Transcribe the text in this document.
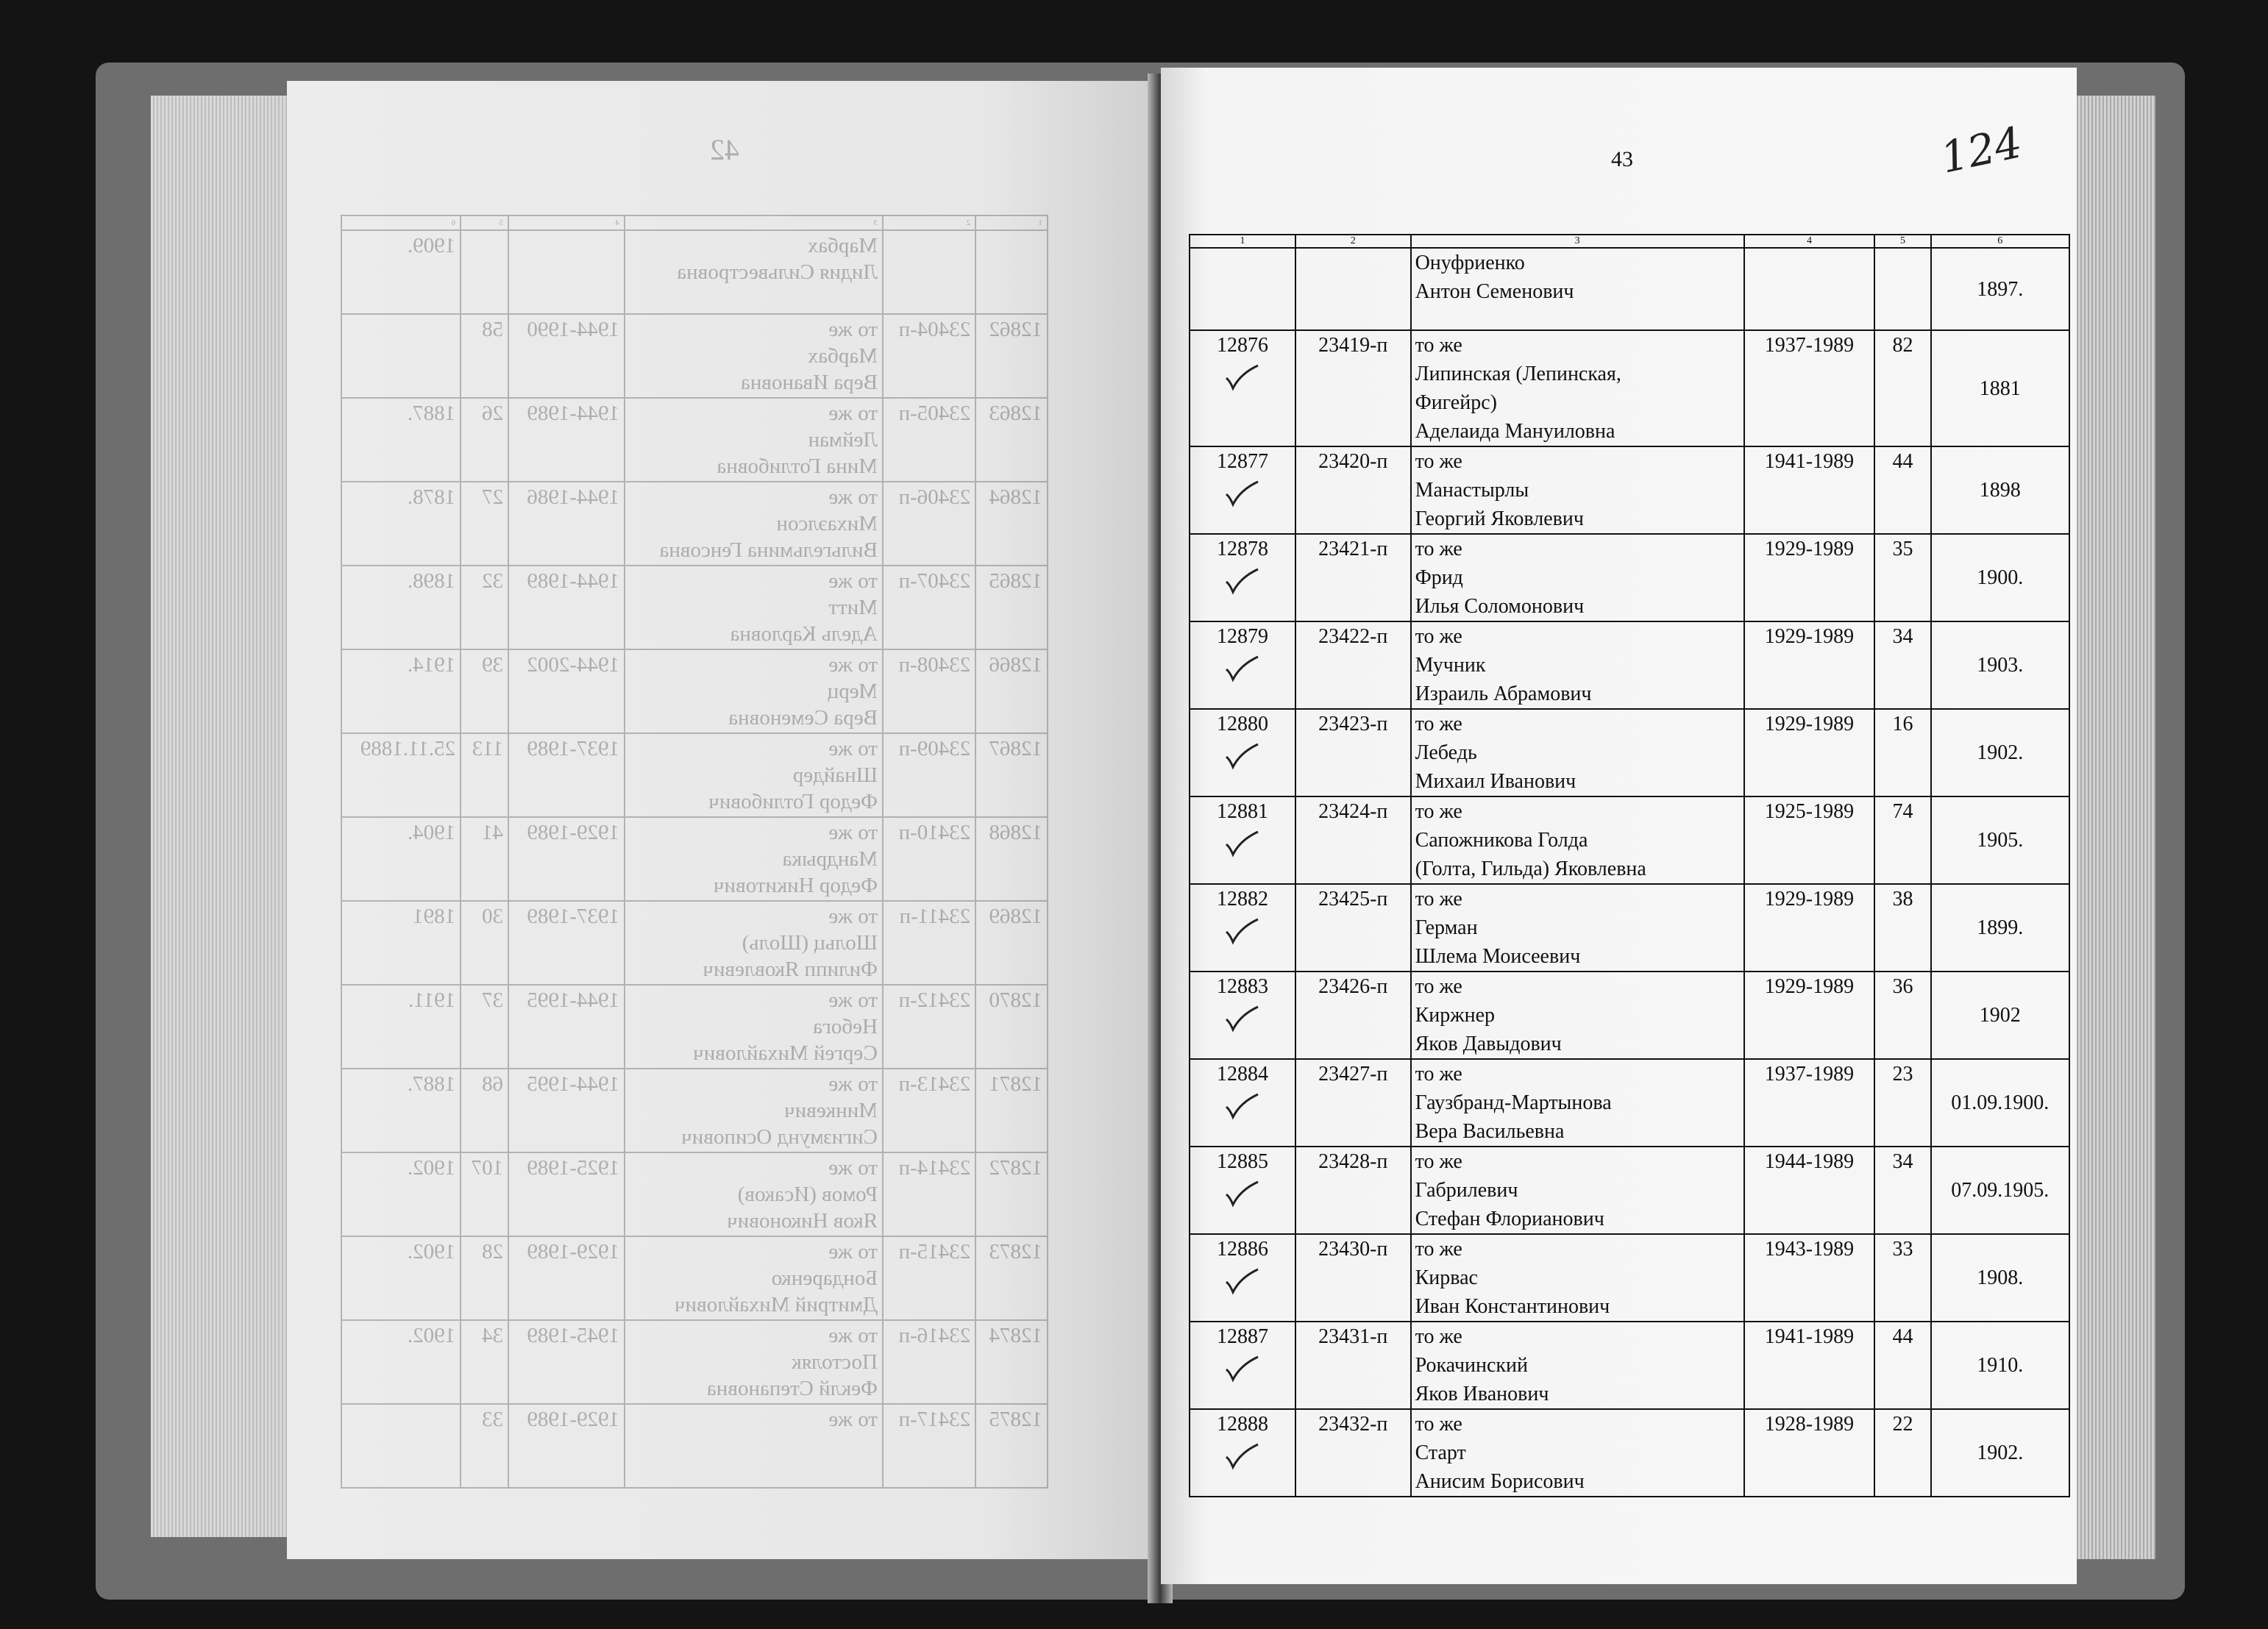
42
1	2	3	4	5	6

		Марбах
Лидия Сильвестровна			1909.
12862	23404-п	то же
Марбах
Вера Ивановна	1944-1990	58	
12863	23405-п	то же
Лейман
Мина Готлибовна	1944-1989	26	1887.
12864	23406-п	то же
Михаэлсон
Вильгельмина Генсовна	1944-1986	27	1878.
12865	23407-п	то же
Митт
Адель Карловна	1944-1989	32	1898.
12866	23408-п	то же
Мерц
Вера Семеновна	1944-2002	39	1914.
12867	23409-п	то же
Шнайдер
Федор Готлибович	1937-1989	113	25.11.1889
12868	23410-п	то же
Мандрыка
Федор Никитович	1929-1989	41	1904.
12869	23411-п	то же
Шольц (Шоль)
Филипп Яковлевич	1937-1989	30	1891
12870	23412-п	то же
Небога
Сергей Михайлович	1944-1995	37	1911.
12871	23413-п	то же
Минкевич
Сигизмунд Осипович	1944-1995	68	1887.
12872	23414-п	то же
Ромов (Исаков)
Яков Никонович	1925-1989	107	1902.
12873	23415-п	то же
Бондаренко
Дмитрий Михайлович	1929-1989	28	1902.
12874	23416-п	то же
Постоляк
Феклй Степановна	1945-1989	34	1902.
12875	23417-п	то же	1929-1989	33	
43	124
1	2	3	4	5	6

		Онуфриенко
Антон Семенович			1897.
12876	23419-п	то же
Липинская (Лепинская,
Фигейрс)
Аделаида Мануиловна	1937-1989	82	1881
12877	23420-п	то же
Манастырлы
Георгий Яковлевич	1941-1989	44	1898
12878	23421-п	то же
Фрид
Илья Соломонович	1929-1989	35	1900.
12879	23422-п	то же
Мучник
Израиль Абрамович	1929-1989	34	1903.
12880	23423-п	то же
Лебедь
Михаил Иванович	1929-1989	16	1902.
12881	23424-п	то же
Сапожникова Голда
(Голта, Гильда) Яковлевна	1925-1989	74	1905.
12882	23425-п	то же
Герман
Шлема Моисеевич	1929-1989	38	1899.
12883	23426-п	то же
Киржнер
Яков Давыдович	1929-1989	36	1902
12884	23427-п	то же
Гаузбранд-Мартынова
Вера Васильевна	1937-1989	23	01.09.1900.
12885	23428-п	то же
Габрилевич
Стефан Флорианович	1944-1989	34	07.09.1905.
12886	23430-п	то же
Кирвас
Иван Константинович	1943-1989	33	1908.
12887	23431-п	то же
Рокачинский
Яков Иванович	1941-1989	44	1910.
12888	23432-п	то же
Старт
Анисим Борисович	1928-1989	22	1902.
